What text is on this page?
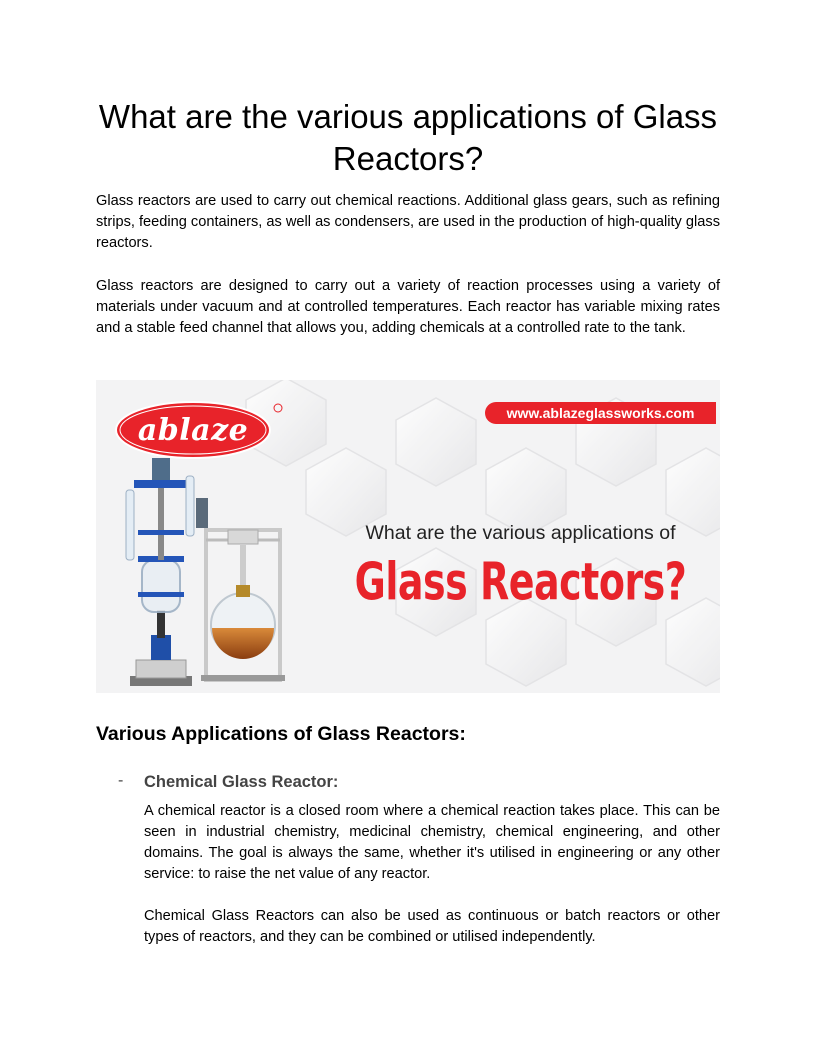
What are the various applications of Glass Reactors?

Glass reactors are used to carry out chemical reactions. Additional glass gears, such as refining strips, feeding containers, as well as condensers, are used in the production of high-quality glass reactors.

Glass reactors are designed to carry out a variety of reaction processes using a variety of materials under vacuum and at controlled temperatures. Each reactor has variable mixing rates and a stable feed channel that allows you, adding chemicals at a controlled rate to the tank.

ablaze	www.ablazeglassworks.com
What are the various applications of
Glass Reactors?
Various Applications of Glass Reactors:
- Chemical Glass Reactor:

A chemical reactor is a closed room where a chemical reaction takes place. This can be seen in industrial chemistry, medicinal chemistry, chemical engineering, and other domains. The goal is always the same, whether it's utilised in engineering or any other service: to raise the net value of any reactor.

Chemical Glass Reactors can also be used as continuous or batch reactors or other types of reactors, and they can be combined or utilised independently.
